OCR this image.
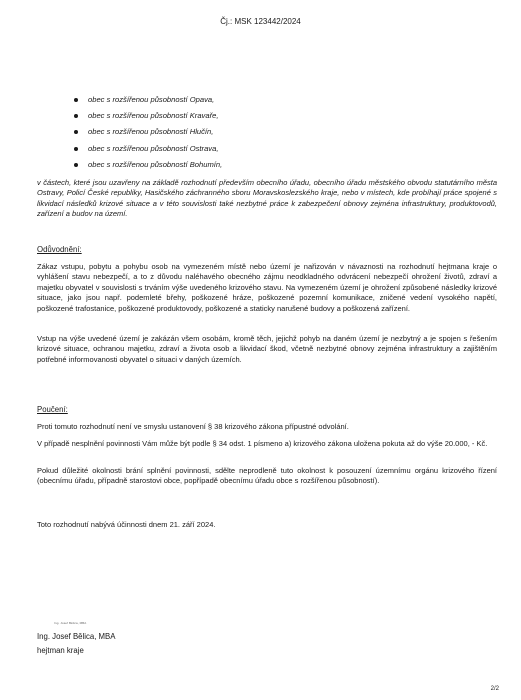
Čj.: MSK 123442/2024
obec s rozšířenou působností Opava,
obec s rozšířenou působností Kravaře,
obec s rozšířenou působností Hlučín,
obec s rozšířenou působností Ostrava,
obec s rozšířenou působností Bohumín,

v částech, které jsou uzavřeny na základě rozhodnutí především obecního úřadu, obecního úřadu městského obvodu statutárního města Ostravy, Policí České republiky, Hasičského záchranného sboru Moravskoslezského kraje, nebo v místech, kde probíhají práce spojené s likvidací následků krizové situace a v této souvislosti také nezbytné práce k zabezpečení obnovy zejména infrastruktury, produktovodů, zařízení a budov na území.

Odůvodnění:

Zákaz vstupu, pobytu a pohybu osob na vymezeném místě nebo území je nařizován v návaznosti na rozhodnutí hejtmana kraje o vyhlášení stavu nebezpečí, a to z důvodu naléhavého obecného zájmu neodkladného odvrácení nebezpečí ohrožení životů, zdraví a majetku obyvatel v souvislosti s trváním výše uvedeného krizového stavu. Na vymezeném území je ohrožení způsobené následky krizové situace, jako jsou např. podemleté břehy, poškozené hráze, poškozené pozemní komunikace, zničené vedení vysokého napětí, poškozené trafostanice, poškozené produktovody, poškozené a staticky narušené budovy a poškozená zařízení.

Vstup na výše uvedené území je zakázán všem osobám, kromě těch, jejichž pohyb na daném území je nezbytný a je spojen s řešením krizové situace, ochranou majetku, zdraví a života osob a likvidací škod, včetně nezbytné obnovy zejména infrastruktury a zajištěním potřebné informovanosti obyvatel o situaci v daných územích.

Poučení:

Proti tomuto rozhodnutí není ve smyslu ustanovení § 38 krizového zákona přípustné odvolání.

V případě nesplnění povinnosti Vám může být podle § 34 odst. 1 písmeno a) krizového zákona uložena pokuta až do výše 20.000, - Kč.

Pokud důležité okolnosti brání splnění povinnosti, sdělte neprodleně tuto okolnost k posouzení územnímu orgánu krizového řízení (obecnímu úřadu, případně starostovi obce, popřípadě obecnímu úřadu obce s rozšířenou působností).

Toto rozhodnutí nabývá účinnosti dnem 21. září 2024.

Ing. Josef Bělica, MBA

Ing. Josef Bělica, MBA

hejtman kraje

2/2
